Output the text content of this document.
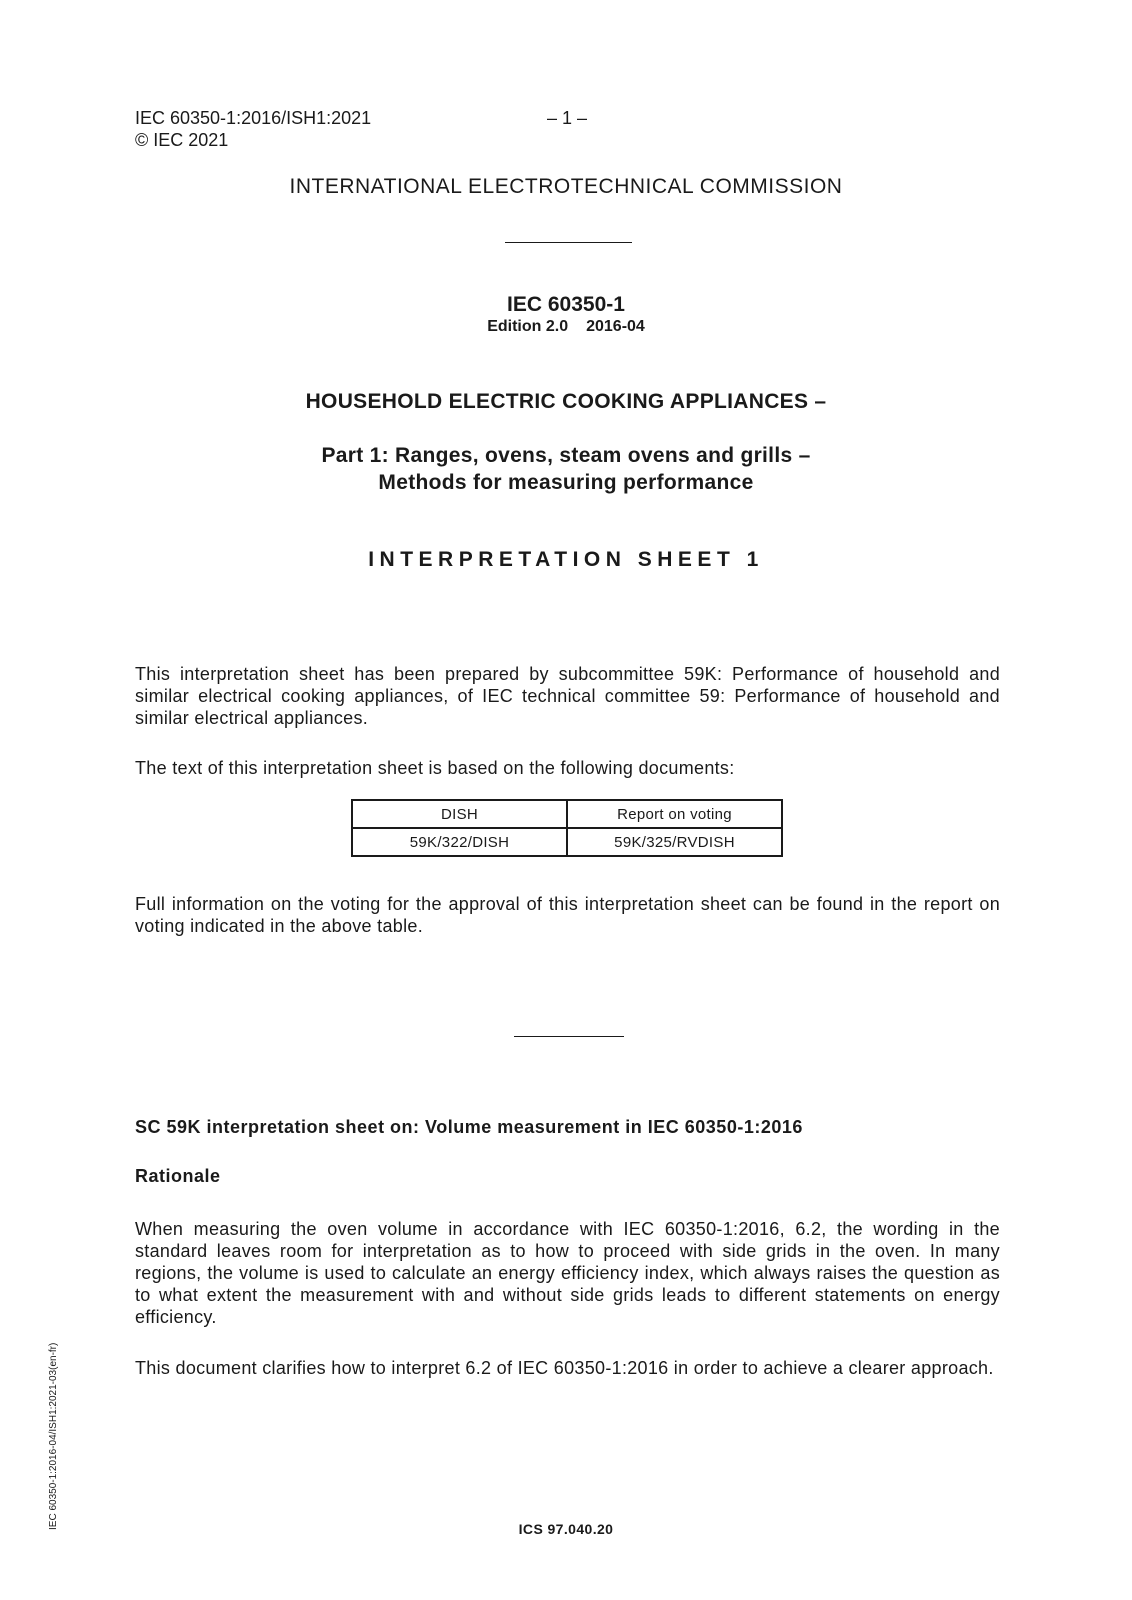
IEC 60350-1:2016/ISH1:2021
© IEC 2021
– 1 –
INTERNATIONAL ELECTROTECHNICAL COMMISSION
IEC 60350-1
Edition 2.0 2016-04
HOUSEHOLD ELECTRIC COOKING APPLIANCES –
Part 1: Ranges, ovens, steam ovens and grills –
Methods for measuring performance
INTERPRETATION SHEET 1
This interpretation sheet has been prepared by subcommittee 59K: Performance of household and similar electrical cooking appliances, of IEC technical committee 59: Performance of household and similar electrical appliances.
The text of this interpretation sheet is based on the following documents:
DISH	Report on voting
59K/322/DISH	59K/325/RVDISH
Full information on the voting for the approval of this interpretation sheet can be found in the report on voting indicated in the above table.
SC 59K interpretation sheet on: Volume measurement in IEC 60350-1:2016
Rationale
When measuring the oven volume in accordance with IEC 60350-1:2016, 6.2, the wording in the standard leaves room for interpretation as to how to proceed with side grids in the oven. In many regions, the volume is used to calculate an energy efficiency index, which always raises the question as to what extent the measurement with and without side grids leads to different statements on energy efficiency.
This document clarifies how to interpret 6.2 of IEC 60350-1:2016 in order to achieve a clearer approach.
ICS 97.040.20
IEC 60350-1:2016-04/ISH1:2021-03(en-fr)
